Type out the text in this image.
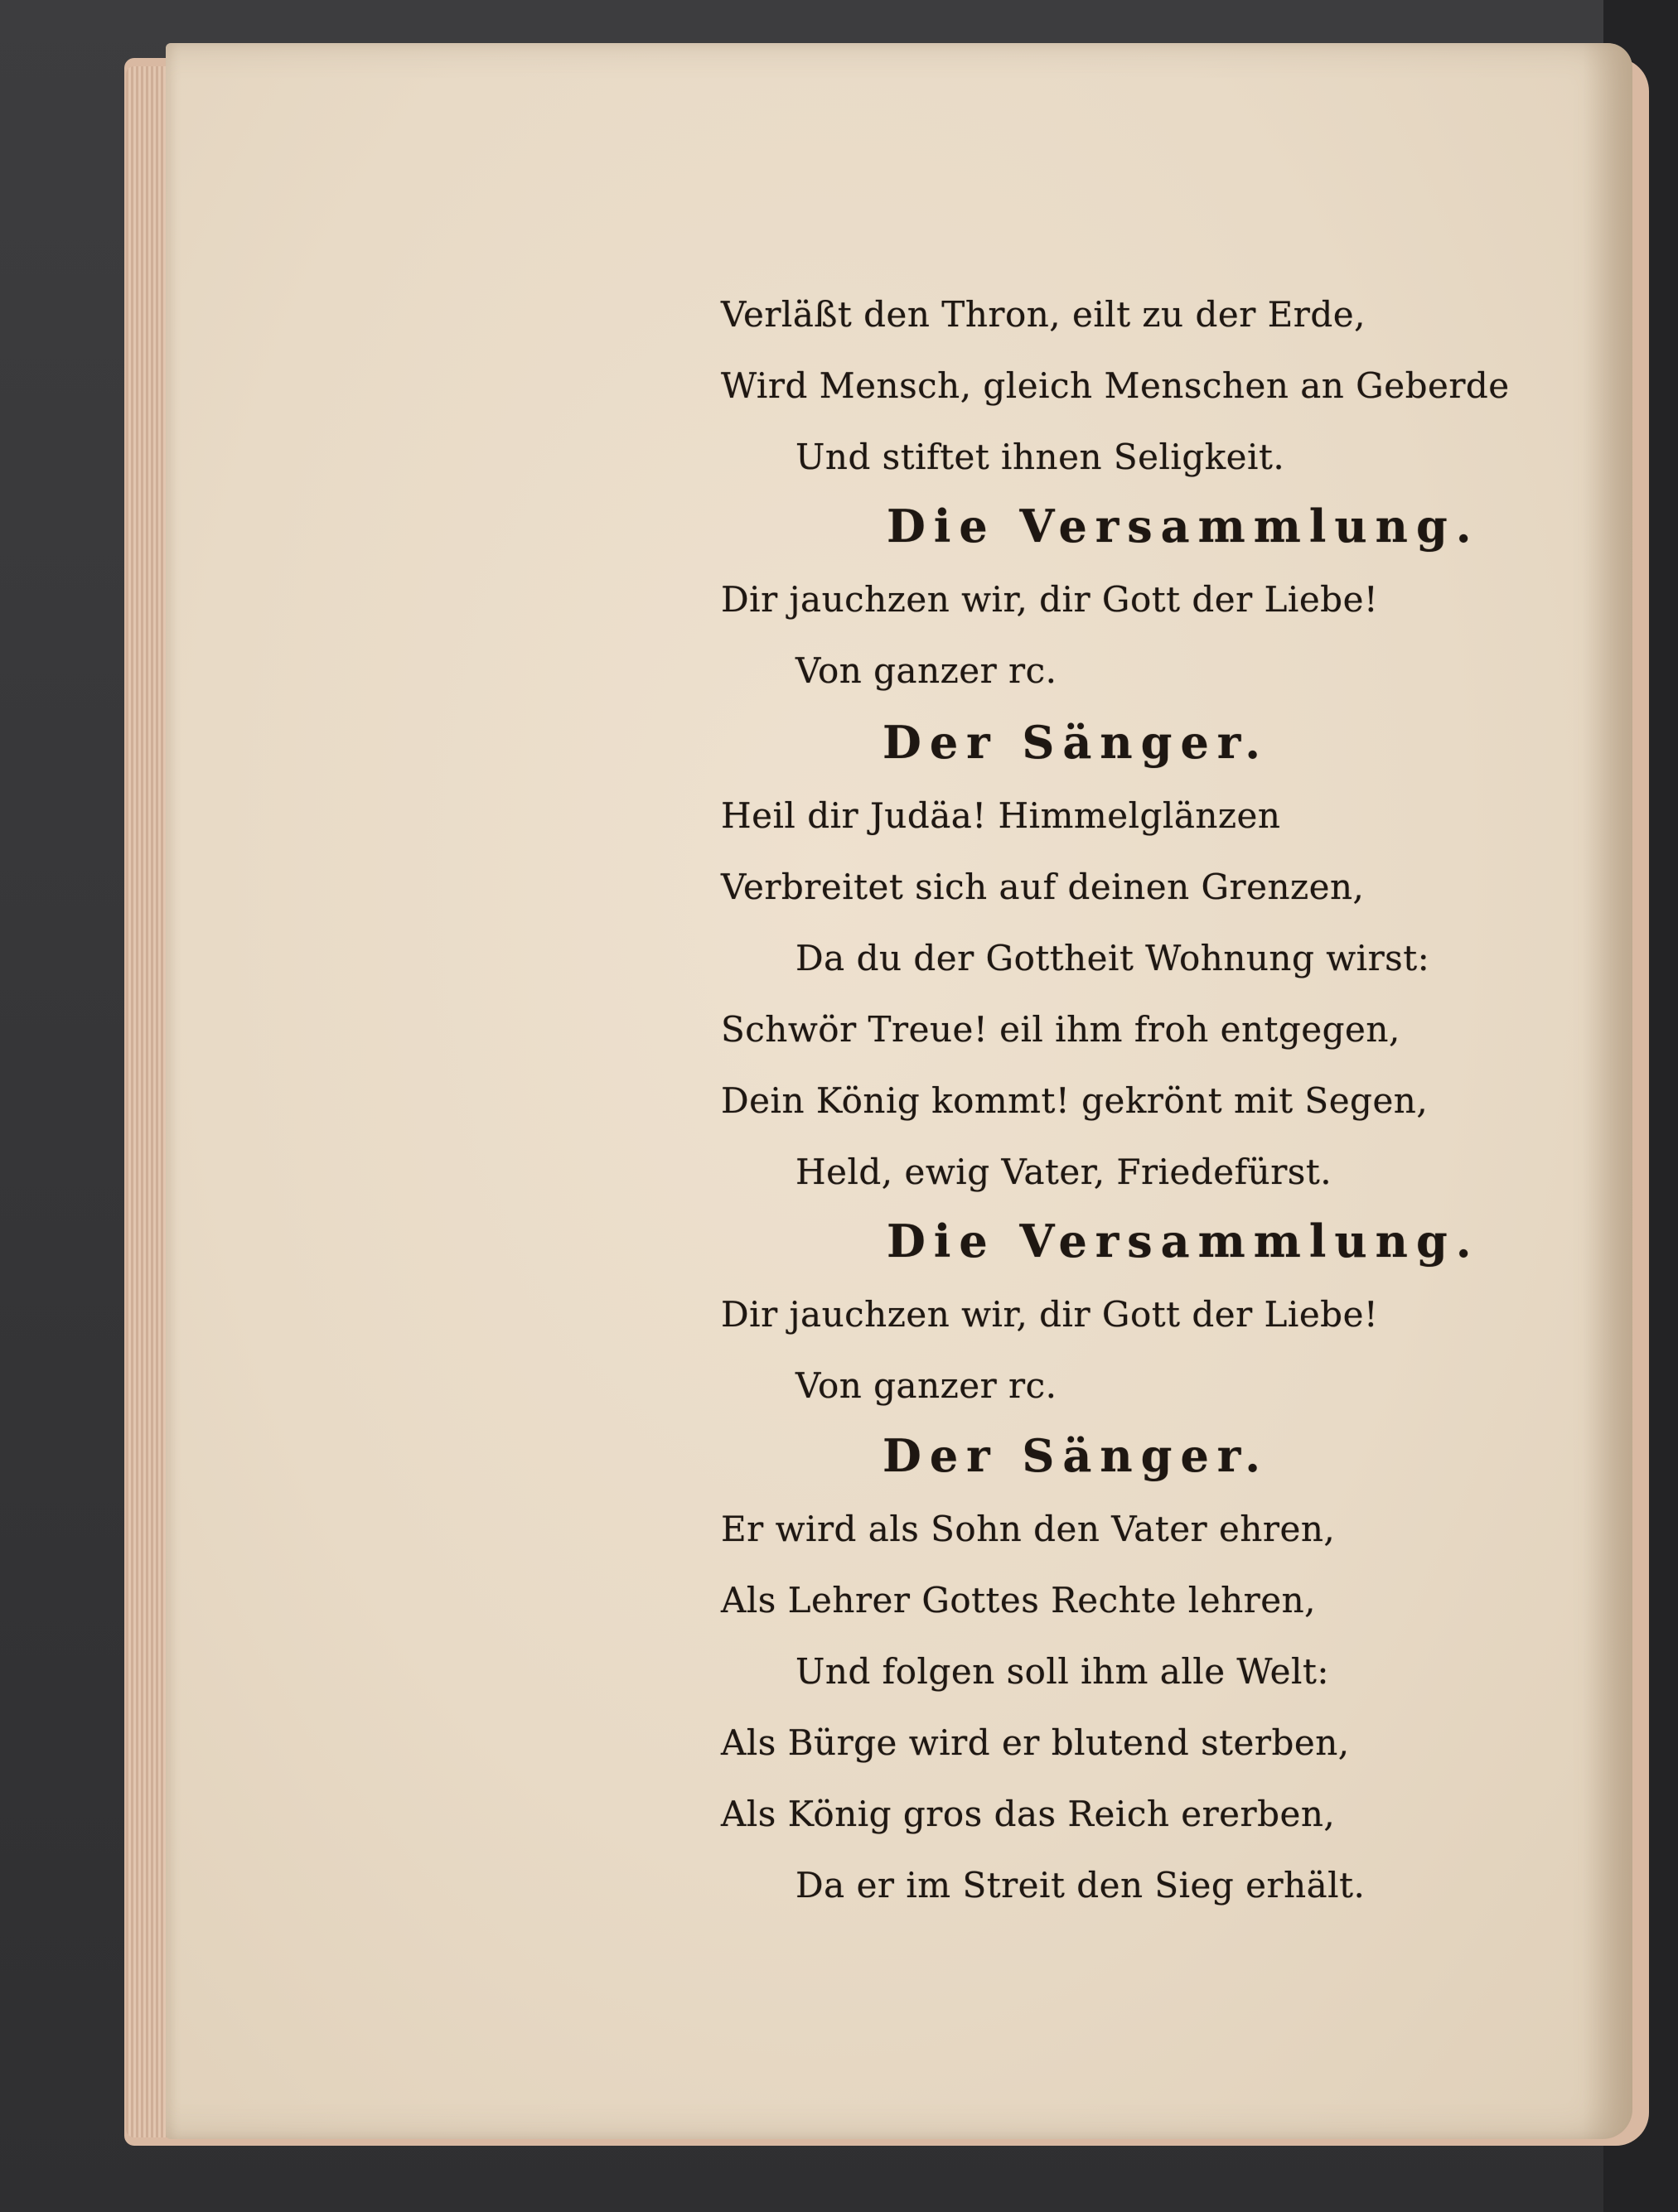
Verläßt den Thron, eilt zu der Erde,
Wird Mensch, gleich Menschen an Geberde
Und stiftet ihnen Seligkeit.
Die Versammlung.
Dir jauchzen wir, dir Gott der Liebe!
Von ganzer rc.
Der Sänger.
Heil dir Judäa! Himmelglänzen
Verbreitet sich auf deinen Grenzen,
Da du der Gottheit Wohnung wirst:
Schwör Treue! eil ihm froh entgegen,
Dein König kommt! gekrönt mit Segen,
Held, ewig Vater, Friedefürst.
Die Versammlung.
Dir jauchzen wir, dir Gott der Liebe!
Von ganzer rc.
Der Sänger.
Er wird als Sohn den Vater ehren,
Als Lehrer Gottes Rechte lehren,
Und folgen soll ihm alle Welt:
Als Bürge wird er blutend sterben,
Als König gros das Reich ererben,
Da er im Streit den Sieg erhält.
